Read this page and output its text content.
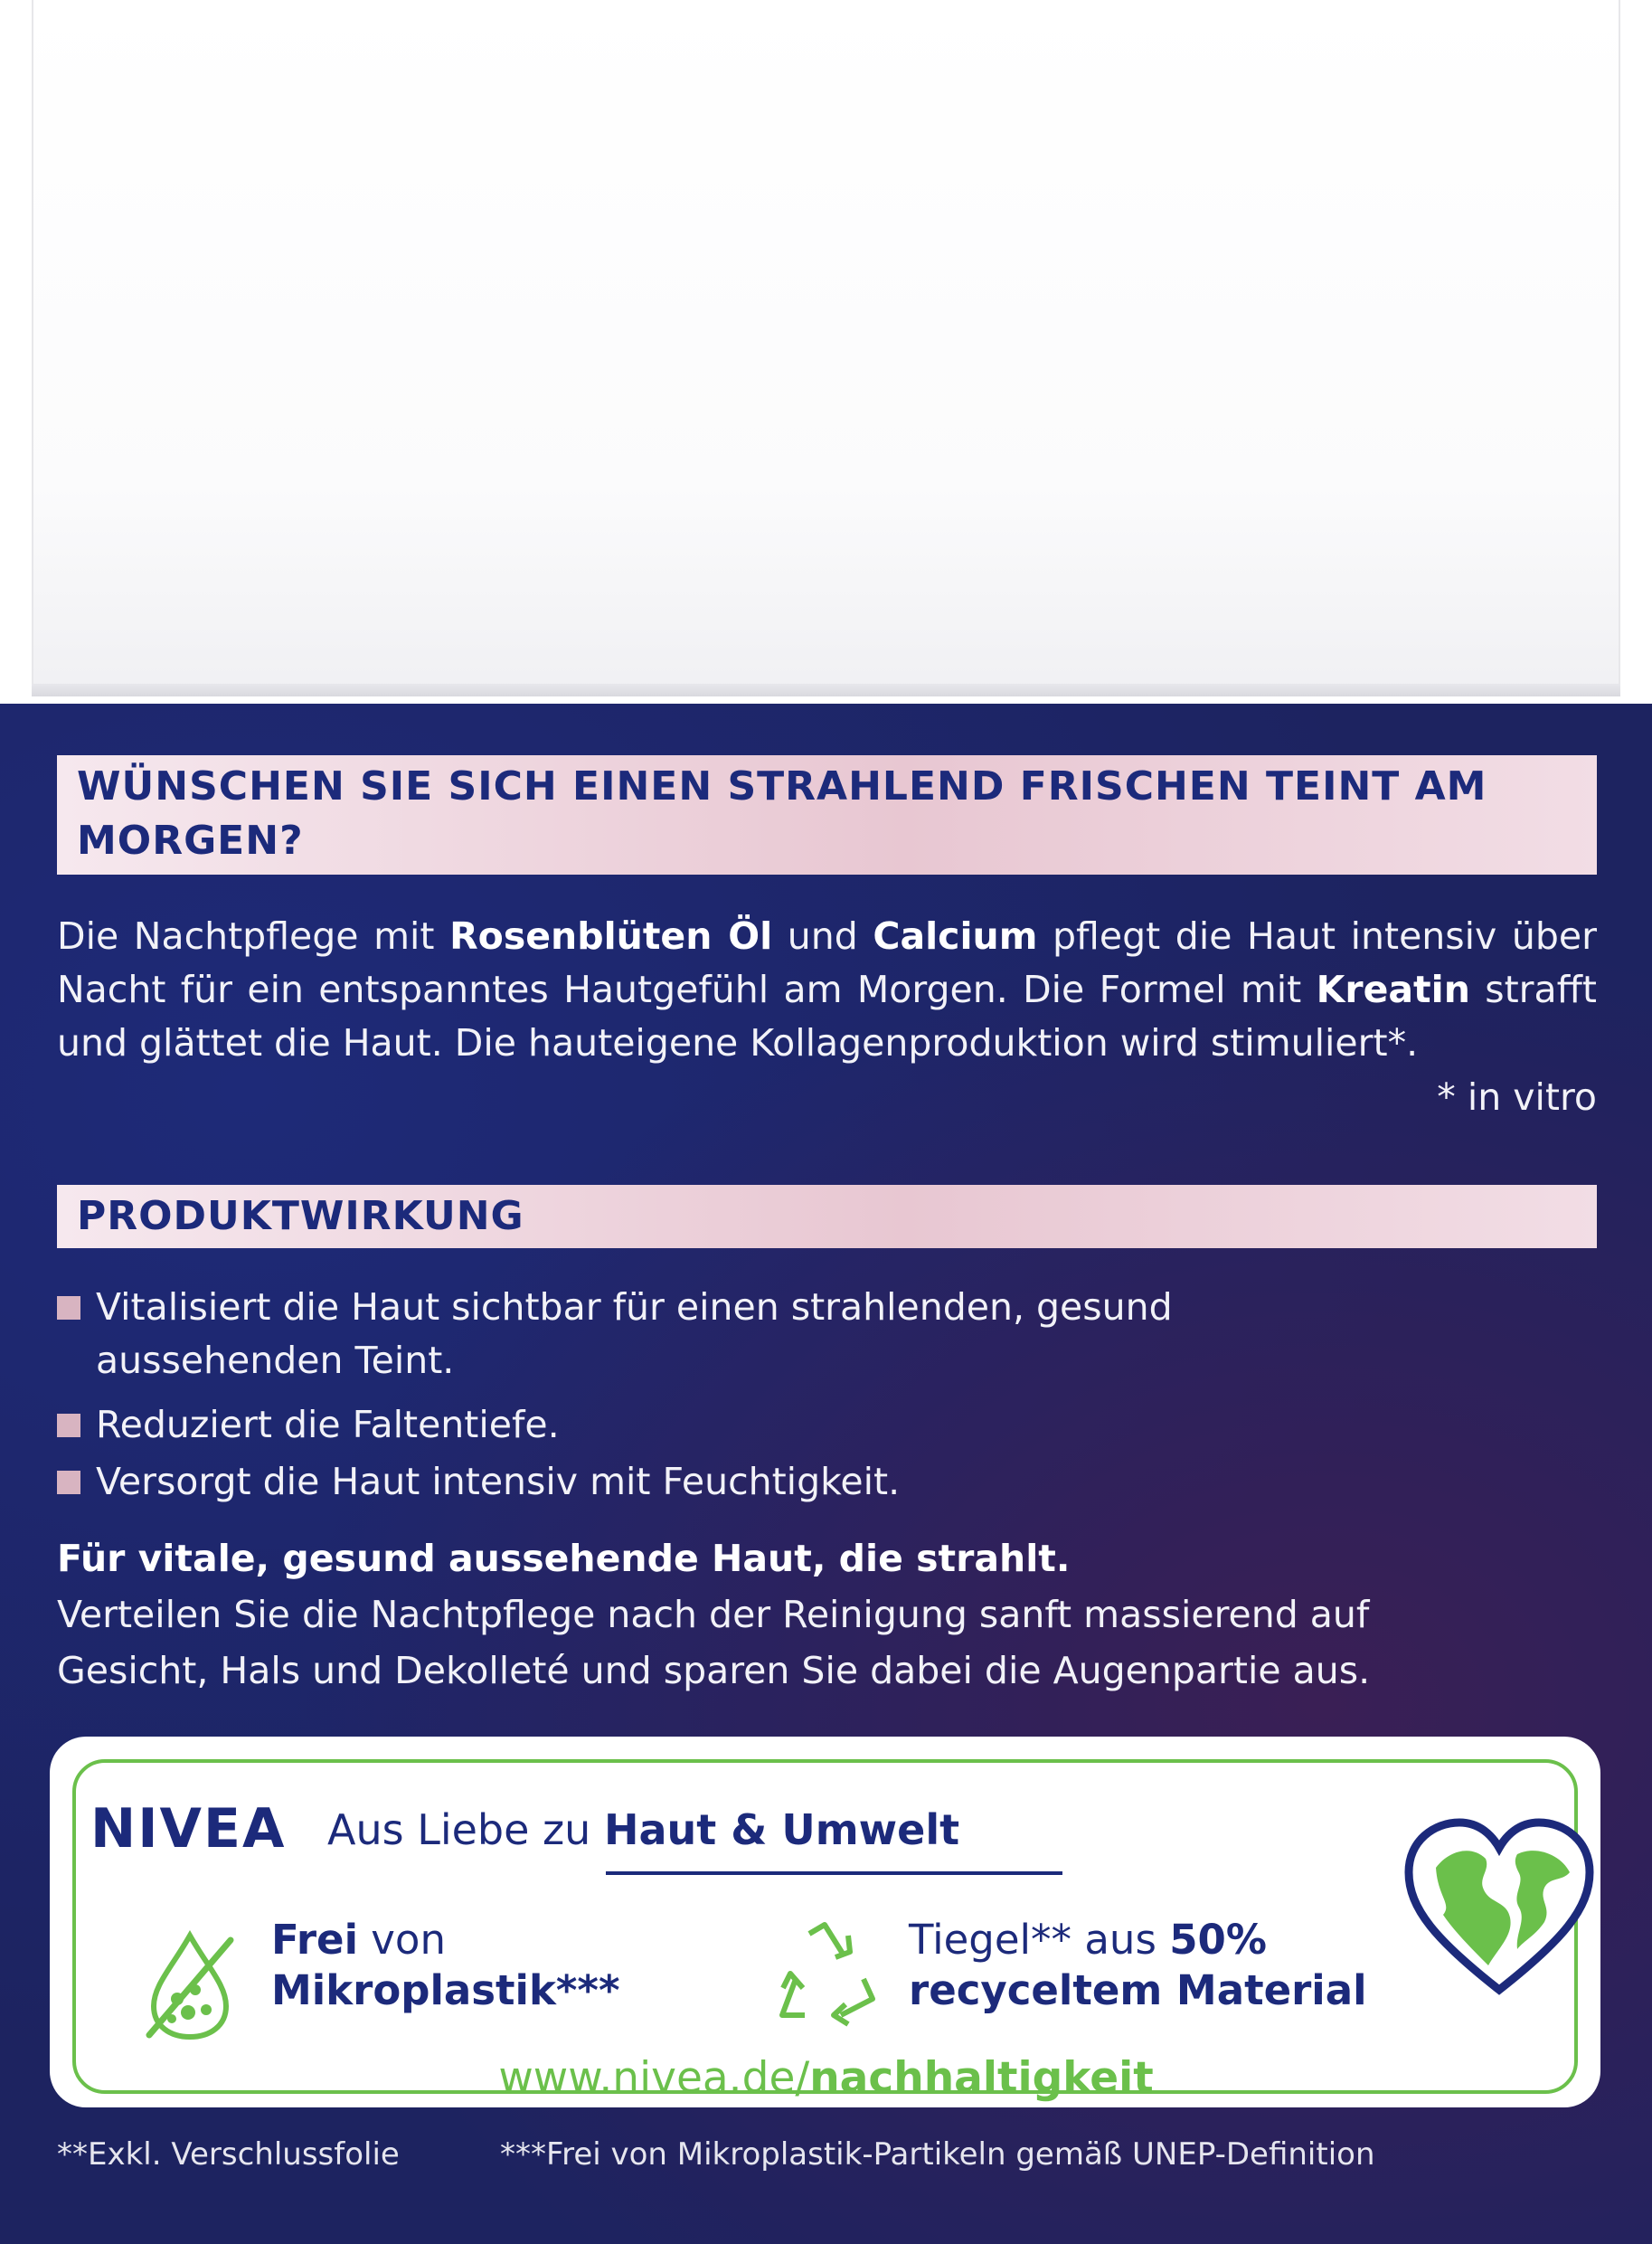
WÜNSCHEN SIE SICH EINEN STRAHLEND FRISCHEN TEINT AM
MORGEN?
Die Nachtpflege mit Rosenblüten Öl und Calcium pflegt die Haut intensiv über Nacht für ein entspanntes Hautgefühl am Morgen. Die Formel mit Kreatin strafft und glättet die Haut. Die hauteigene Kollagenproduktion wird stimuliert*.
* in vitro
PRODUKTWIRKUNG
Vitalisiert die Haut sichtbar für einen strahlenden, gesund
aussehenden Teint.
Reduziert die Faltentiefe.
Versorgt die Haut intensiv mit Feuchtigkeit.
Für vitale, gesund aussehende Haut, die strahlt.
Verteilen Sie die Nachtpflege nach der Reinigung sanft massierend auf
Gesicht, Hals und Dekolleté und sparen Sie dabei die Augenpartie aus.
NIVEA Aus Liebe zu Haut & Umwelt
Frei von
Mikroplastik***
Tiegel** aus 50%
recyceltem Material
www.nivea.de/nachhaltigkeit
**Exkl. Verschlussfolie	***Frei von Mikroplastik-Partikeln gemäß UNEP-Definition
